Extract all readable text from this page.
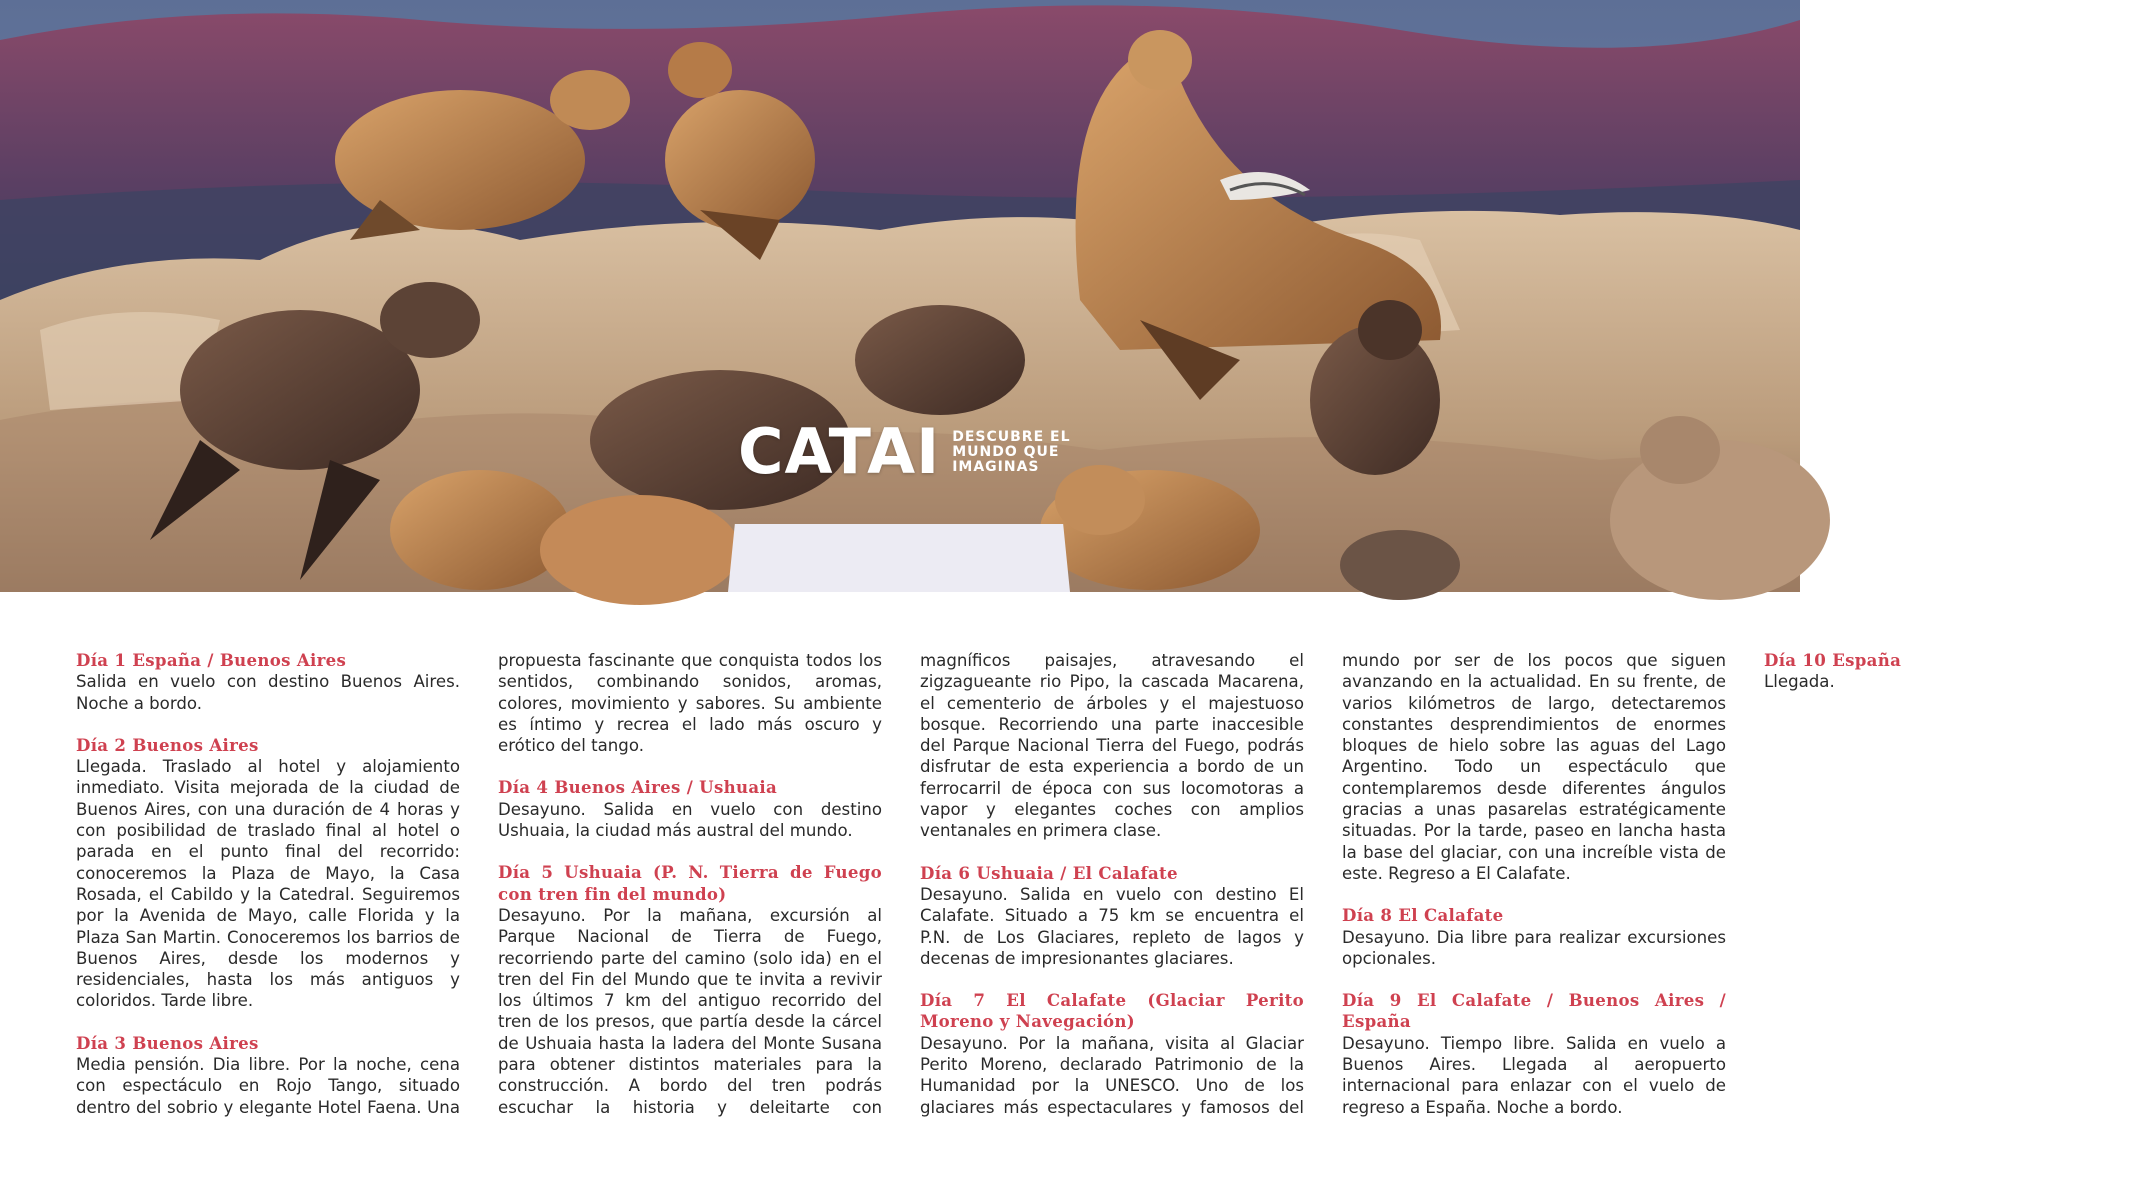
CATAI DESCUBRE EL MUNDO QUE IMAGINAS

Día 1 España / Buenos Aires

Salida en vuelo con destino Buenos Aires. Noche a bordo.

Día 2 Buenos Aires

Llegada. Traslado al hotel y alojamiento inmediato. Visita mejorada de la ciudad de Buenos Aires, con una duración de 4 horas y con posibilidad de traslado final al hotel o parada en el punto final del recorrido: conoceremos la Plaza de Mayo, la Casa Rosada, el Cabildo y la Catedral. Seguiremos por la Avenida de Mayo, calle Florida y la Plaza San Martin. Conoceremos los barrios de Buenos Aires, desde los modernos y residenciales, hasta los más antiguos y coloridos. Tarde libre.

Día 3 Buenos Aires

Media pensión. Dia libre. Por la noche, cena con espectáculo en Rojo Tango, situado dentro del sobrio y elegante Hotel Faena. Una propuesta fascinante que conquista todos los sentidos, combinando sonidos, aromas, colores, movimiento y sabores. Su ambiente es íntimo y recrea el lado más oscuro y erótico del tango.

Día 4 Buenos Aires / Ushuaia

Desayuno. Salida en vuelo con destino Ushuaia, la ciudad más austral del mundo.

Día 5 Ushuaia (P. N. Tierra de Fuego con tren fin del mundo)

Desayuno. Por la mañana, excursión al Parque Nacional de Tierra de Fuego, recorriendo parte del camino (solo ida) en el tren del Fin del Mundo que te invita a revivir los últimos 7 km del antiguo recorrido del tren de los presos, que partía desde la cárcel de Ushuaia hasta la ladera del Monte Susana para obtener distintos materiales para la construcción. A bordo del tren podrás escuchar la historia y deleitarte con magníficos paisajes, atravesando el zigzagueante rio Pipo, la cascada Macarena, el cementerio de árboles y el majestuoso bosque. Recorriendo una parte inaccesible del Parque Nacional Tierra del Fuego, podrás disfrutar de esta experiencia a bordo de un ferrocarril de época con sus locomotoras a vapor y elegantes coches con amplios ventanales en primera clase.

Día 6 Ushuaia / El Calafate

Desayuno. Salida en vuelo con destino El Calafate. Situado a 75 km se encuentra el P.N. de Los Glaciares, repleto de lagos y decenas de impresionantes glaciares.

Día 7 El Calafate (Glaciar Perito Moreno y Navegación)

Desayuno. Por la mañana, visita al Glaciar Perito Moreno, declarado Patrimonio de la Humanidad por la UNESCO. Uno de los glaciares más espectaculares y famosos del mundo por ser de los pocos que siguen avanzando en la actualidad. En su frente, de varios kilómetros de largo, detectaremos constantes desprendimientos de enormes bloques de hielo sobre las aguas del Lago Argentino. Todo un espectáculo que contemplaremos desde diferentes ángulos gracias a unas pasarelas estratégicamente situadas. Por la tarde, paseo en lancha hasta la base del glaciar, con una increíble vista de este. Regreso a El Calafate.

Día 8 El Calafate

Desayuno. Dia libre para realizar excursiones opcionales.

Día 9 El Calafate / Buenos Aires / España

Desayuno. Tiempo libre. Salida en vuelo a Buenos Aires. Llegada al aeropuerto internacional para enlazar con el vuelo de regreso a España. Noche a bordo.

Día 10 España

Llegada.
